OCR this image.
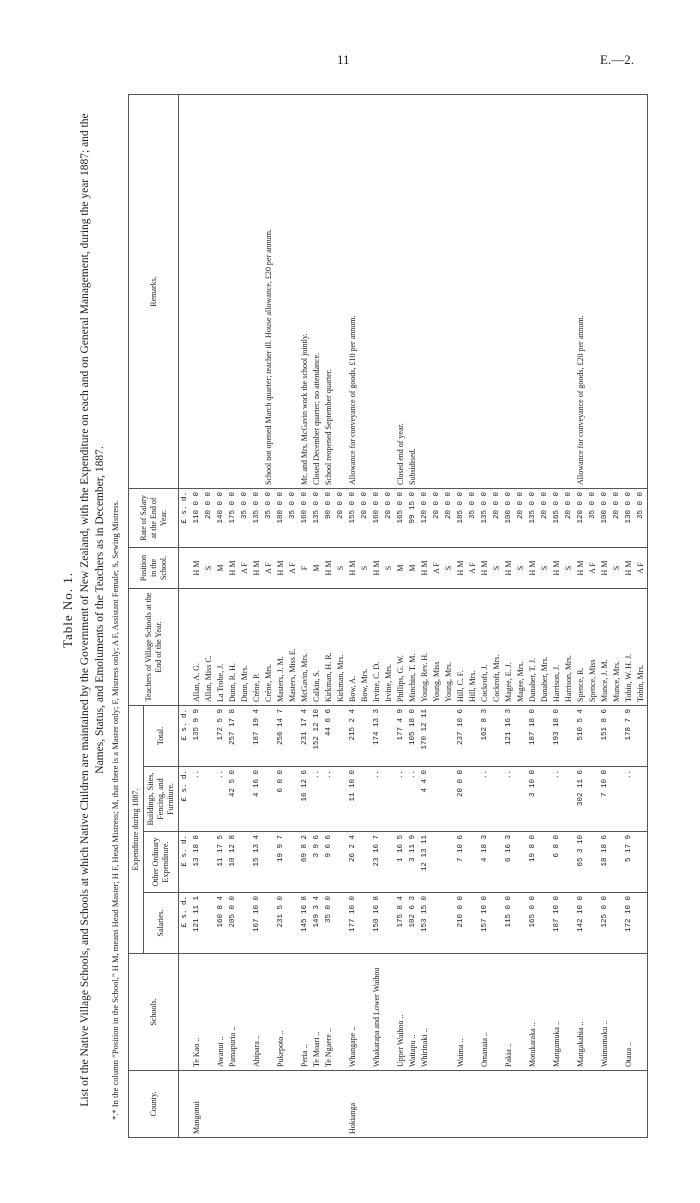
11	E.—2.
Table No. 1. List of the Native Village Schools, and Schools at which Native Children are maintained by the Government of New Zealand, with the Expenditure on each and on General Management, during the year 1887; and the Names, Status, and Emoluments of the Teachers as in December, 1887. *.* In the column “Position in the School,” H M, means Head Master; H F, Head Mistress; M, that there is a Master only; F, Mistress only; A F, Assistant Female; S, Sewing Mistress.	County.	Schools.	Expenditure during 1887.				Teachers of Village Schools at the End of the Year.	Position in the School.	Rate of Salary at the End of Year.	Remarks.
		Salaries.	Other Ordinary Expenditure.	Buildings, Sites, Fencing, and Furniture.	Total.				
		£ s. d.	£ s. d.	£ s. d.	£ s. d.			£ s. d.	
Mangonui	Te Kao ..	121 11 1	13 18 8	..	135 9 9	Allan, A. G.	H M	110 0 0	
						Allan, Miss C.	S	20 0 0	
	Awanui ..	160 8 4	11 17 5	..	172 5 9	La Trobe, J.	M	140 0 0	
	Pamapuria ..	205 0 0	10 12 8	42 5 0	257 17 8	Dunn, R. H.	H M	175 0 0	
						Dunn, Mrs.	A F	35 0 0	
	Ahipara ..	167 10 0	15 13 4	4 16 0	187 19 4	Créne, P.	H M	135 0 0	
						Créne, Mrs.	A F	35 0 0	School not opened March quarter; teacher ill. House allowance, £20 per annum.
	Pukepoto ..	231 5 0	19 9 7	6 0 0	256 14 7	Masters, J. M.	H M	180 0 0	
						Masters, Miss E.	A F	35 0 0	
	Peria ..	145 16 8	69 8 2	16 12 6	231 17 4	McGavin, Mrs.	F	160 0 0	Mr. and Mrs. McGavin work the school jointly.
	Te Moari ..	149 3 4	3 9 6	..	152 12 10	Calkin, S.	M	135 0 0	Closed December quarter; no attendance.
	Te Ngaere ..	35 0 0	9 6 6	..	44 6 6	Kirkman, H. R.	H M	90 0 0	School reopened September quarter.
						Kirkman, Mrs.	S	20 0 0	
Hokianga	Whangape ..	177 10 0	26 2 4	11 10 0	215 2 4	Bow, A.	H M	155 0 0	Allowance for conveyance of goods, £10 per annum.
						Bow, Mrs.	S	20 0 0	
	Whakarapa and Lower Waihou	150 16 8	23 16 7	..	174 13 3	Irvine, C. D.	H M	160 0 0	
						Irvine, Mrs.	S	20 0 0	
	Upper Waihou ..	175 8 4	1 16 5	..	177 4 9	Phillips, G. W.	M	165 0 0	Closed end of year.
	Waitapu ..	102 6 3	3 11 9	..	105 18 0	Minchin, T. M.	M	99 15 0	Subsidised.
	Whirinaki ..	153 15 0	12 13 11	4 4 0	170 12 11	Young, Rev. H.	H M	120 0 0	
						Young, Miss	A F	20 0 0	
						Young, Mrs.	S	20 0 0	
	Waima ..	210 0 0	7 10 6	20 0 0	237 10 6	Hill, C. F.	H M	185 0 0	
						Hill, Mrs.	A F	35 0 0	
	Omanaia ..	157 10 0	4 18 3	..	162 8 3	Cockroft, J.	H M	135 0 0	
						Cockroft, Mrs.	S	20 0 0	
	Pakia ..	115 0 0	6 16 3	..	121 16 3	Magee, E. J.	H M	100 0 0	
						Magee, Mrs.	S	20 0 0	
	Motukaraka ..	165 0 0	19 8 0	3 10 0	187 18 0	Danaher, T. J.	H M	135 0 0	
						Danaher, Mrs.	S	20 0 0	
	Mangamuka ..	187 10 0	6 8 0	..	193 18 0	Harrison, J.	H M	165 0 0	
						Harrison, Mrs.	S	20 0 0	
	Mangakahia ..	142 10 0	65 3 10	302 11 6	510 5 4	Spence, R.	H M	120 0 0	Allowance for conveyance of goods, £20 per annum.
						Spence, Miss	A F	35 0 0	
	Waimamaku ..	125 0 0	18 18 6	7 10 0	151 8 6	Munce, J. M.	H M	100 0 0	
						Munce, Mrs.	S	20 0 0	
	Otaua ..	172 10 0	5 17 9	..	178 7 9	Tobin, W. H. J.	H M	130 0 0	
						Tobin, Mrs.	A F	35 0 0	
